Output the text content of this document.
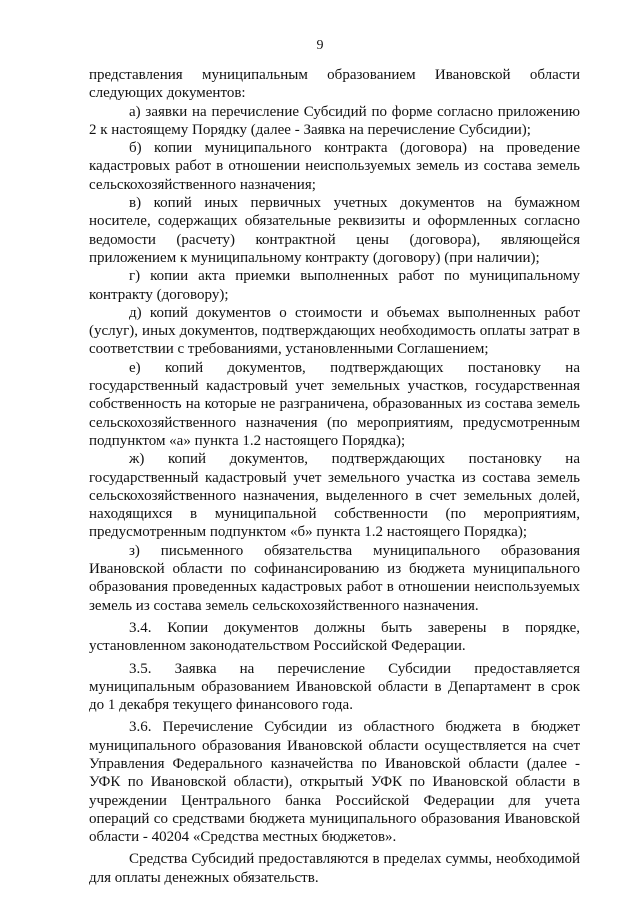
9

представления муниципальным образованием Ивановской области следующих документов:

а) заявки на перечисление Субсидий по форме согласно приложению 2 к настоящему Порядку (далее - Заявка на перечисление Субсидии);

б) копии муниципального контракта (договора) на проведение кадастровых работ в отношении неиспользуемых земель из состава земель сельскохозяйственного назначения;

в) копий иных первичных учетных документов на бумажном носителе, содержащих обязательные реквизиты и оформленных согласно ведомости (расчету) контрактной цены (договора), являющейся приложением к муниципальному контракту (договору) (при наличии);

г) копии акта приемки выполненных работ по муниципальному контракту (договору);

д) копий документов о стоимости и объемах выполненных работ (услуг), иных документов, подтверждающих необходимость оплаты затрат в соответствии с требованиями, установленными Соглашением;

е) копий документов, подтверждающих постановку на государственный кадастровый учет земельных участков, государственная собственность на которые не разграничена, образованных из состава земель сельскохозяйственного назначения (по мероприятиям, предусмотренным подпунктом «а» пункта 1.2 настоящего Порядка);

ж) копий документов, подтверждающих постановку на государственный кадастровый учет земельного участка из состава земель сельскохозяйственного назначения, выделенного в счет земельных долей, находящихся в муниципальной собственности (по мероприятиям, предусмотренным подпунктом «б» пункта 1.2 настоящего Порядка);

з) письменного обязательства муниципального образования Ивановской области по софинансированию из бюджета муниципального образования проведенных кадастровых работ в отношении неиспользуемых земель из состава земель сельскохозяйственного назначения.

3.4. Копии документов должны быть заверены в порядке, установленном законодательством Российской Федерации.

3.5. Заявка на перечисление Субсидии предоставляется муниципальным образованием Ивановской области в Департамент в срок до 1 декабря текущего финансового года.

3.6. Перечисление Субсидии из областного бюджета в бюджет муниципального образования Ивановской области осуществляется на счет Управления Федерального казначейства по Ивановской области (далее - УФК по Ивановской области), открытый УФК по Ивановской области в учреждении Центрального банка Российской Федерации для учета операций со средствами бюджета муниципального образования Ивановской области - 40204 «Средства местных бюджетов».

Средства Субсидий предоставляются в пределах суммы, необходимой для оплаты денежных обязательств.
